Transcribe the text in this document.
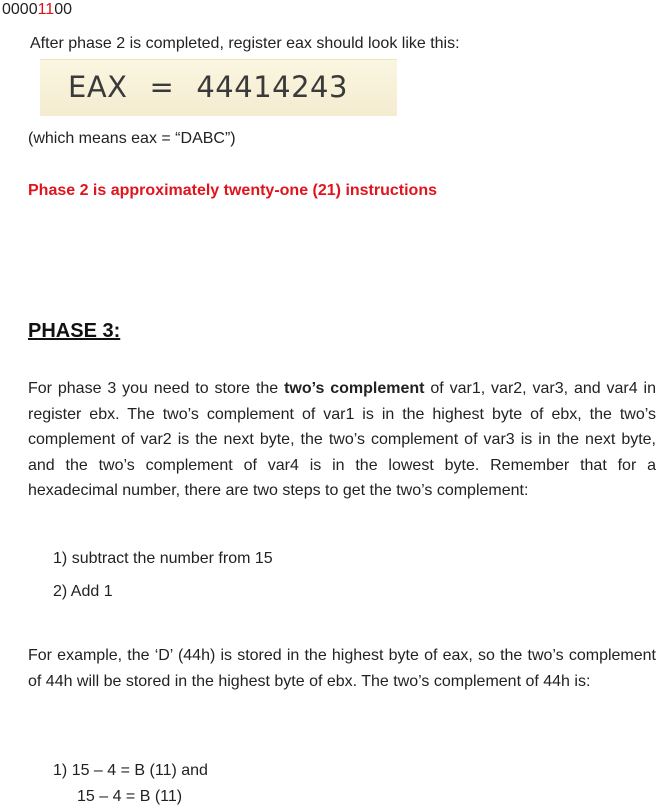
00001100
After phase 2 is completed, register eax should look like this:
EAX = 44414243
(which means eax = “DABC”)
Phase 2 is approximately twenty-one (21) instructions
PHASE 3:
For phase 3 you need to store the two’s complement of var1, var2, var3, and var4 in register ebx. The two’s complement of var1 is in the highest byte of ebx, the two’s complement of var2 is the next byte, the two’s complement of var3 is in the next byte, and the two’s complement of var4 is in the lowest byte. Remember that for a hexadecimal number, there are two steps to get the two’s complement:
1) subtract the number from 15
2) Add 1
For example, the ‘D’ (44h) is stored in the highest byte of eax, so the two’s complement of 44h will be stored in the highest byte of ebx. The two’s complement of 44h is:
1) 15 – 4 = B (11) and
15 – 4 = B (11)
